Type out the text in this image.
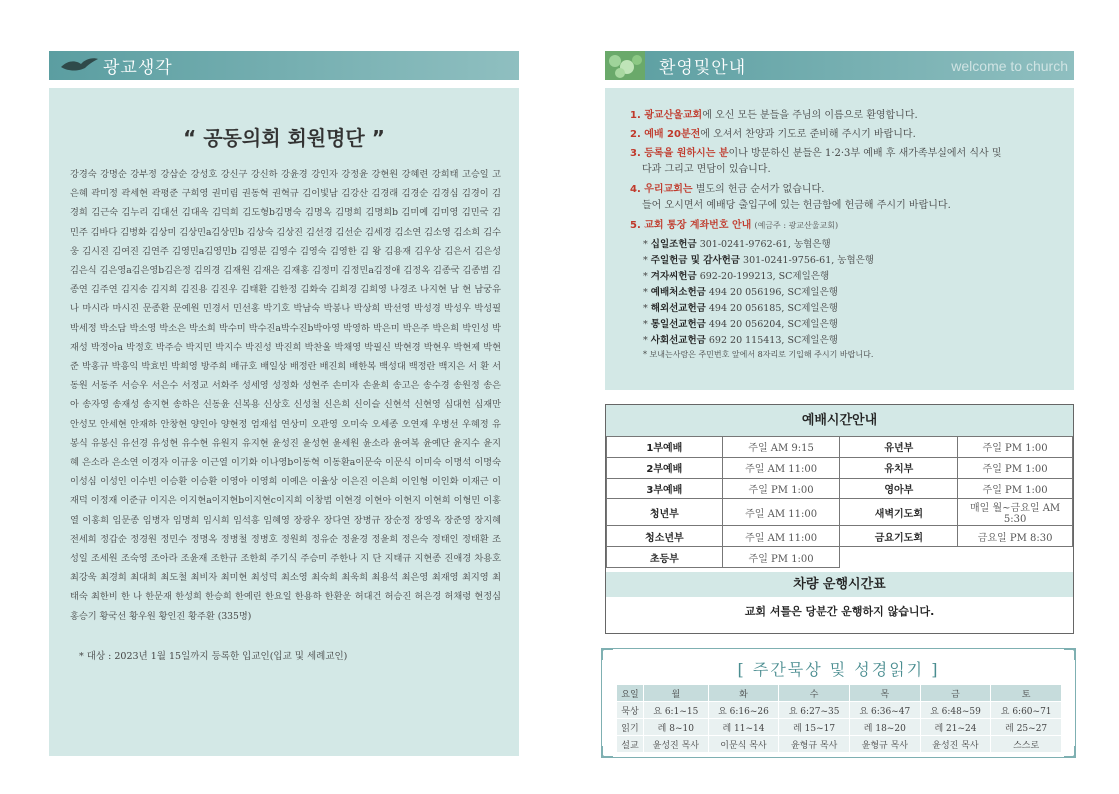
광교생각
“ 공동의회 회원명단 ”
강경숙 강명순 강부정 강삼순 강성호 강신구 강신하 강윤경 강인자 강정윤 강현원 강혜련 강희태 고승일 고은혜 곽미정 곽세현 곽평준 구희영 권미림 권동혁 권혁규 김이빛남 김강산 김경래 김경순 김경심 김경이 김경희 김근숙 김누리 김대선 김대욱 김덕희 김도형b김명숙 김명옥 김명희 김명희b 김미예 김미영 김민국 김민주 김바다 김병화 김상미 김상민a김상민b 김상숙 김상진 김선경 김선순 김세경 김소연 김소영 김소희 김수웅 김시진 김여진 김연주 김영민a김영민b 김영분 김영수 김영숙 김영한 김 왕 김용재 김우상 김은서 김은성 김은식 김은영a김은영b김은정 김의경 김재원 김재은 김재홍 김정미 김정민a김정애 김정옥 김종국 김종범 김종연 김주연 김지송 김지희 김진용 김진우 김태환 김한정 김화숙 김희경 김희영 나경조 나지현 남 현 남궁유나 마시라 마시진 문종환 문예원 민경서 민선홍 박기호 박남숙 박봉나 박상희 박선영 박성경 박성우 박성필 박세정 박소담 박소영 박소은 박소희 박수미 박수진a박수진b박아영 박영하 박은미 박은주 박은희 박인성 박재성 박정아a 박정호 박주승 박지민 박지수 박진성 박진희 박찬울 박채영 박필신 박현경 박현우 박현제 박현준 박홍규 박흥익 박효빈 박희영 방주희 배규호 배일상 배정란 배진희 배한복 백성대 백정란 백지은 서 환 서동원 서동주 서승우 서은수 서정교 서화주 성세영 성정화 성현주 손미자 손윤희 송고은 송수경 송원정 송은아 송자영 송재성 송지현 송하은 신동윤 신복용 신상호 신성철 신은희 신이슬 신현석 신현영 심대헌 심재만 안성모 안세현 안재하 안창현 양인아 양현정 엄재섭 연상미 오관영 오미숙 오세종 오연재 우병선 우혜정 유봉식 유봉신 유선경 유성현 유수현 유원지 유지현 윤성진 윤성현 윤세원 윤소라 윤여복 윤예단 윤지수 윤지혜 은소라 은소연 이경자 이규웅 이근열 이기화 이나영b이동혁 이동환a이문숙 이문식 이미숙 이명석 이명숙 이성심 이성인 이수빈 이승환 이승환 이영아 이영희 이예은 이율상 이은진 이은희 이인형 이인화 이재근 이재덕 이정재 이준규 이지은 이지현a이지현b이지현c이지희 이창범 이현경 이현아 이현지 이현희 이형민 이홍열 이홍희 임문종 임병자 임명희 임시희 임석흥 임혜영 장광우 장다연 장병규 장순정 장영옥 장준영 장지혜 전세희 정갑순 정경원 정민수 정명옥 정병철 정병호 정원희 정유순 정윤경 정윤희 정은숙 정태인 정태환 조성일 조세원 조숙영 조아라 조윤재 조한규 조한희 주기식 주승미 주한나 지 단 지태규 지현종 진애경 차용호 최강욱 최경희 최대희 최도철 최비자 최미현 최성덕 최소영 최숙희 최욱희 최용석 최은영 최재영 최지영 최태숙 최한비 한 나 한문재 한성희 한승희 한예린 한요일 한용하 한환운 허대건 허승진 허은경 허채령 현정심 홍승기 황국선 황우원 황인진 황주환 (335명)
* 대상 : 2023년 1월 15일까지 등록한 입교인(입교 및 세례교인)
환영및안내	welcome to church
1. 광교산울교회에 오신 모든 분들을 주님의 이름으로 환영합니다.
2. 예배 20분전에 오셔서 찬양과 기도로 준비해 주시기 바랍니다.
3. 등록을 원하시는 분이나 방문하신 분들은 1·2·3부 예배 후 새가족부실에서 식사 및
다과 그리고 면담이 있습니다.
4. 우리교회는 별도의 헌금 순서가 없습니다.
들어 오시면서 예배당 출입구에 있는 헌금함에 헌금해 주시기 바랍니다.
5. 교회 통장 계좌번호 안내 (예금주 : 광교산울교회)
* 십일조헌금 301-0241-9762-61, 농협은행
* 주일헌금 및 감사헌금 301-0241-9756-61, 농협은행
* 겨자씨헌금 692-20-199213, SC제일은행
* 예배처소헌금 494 20 056196, SC제일은행
* 해외선교헌금 494 20 056185, SC제일은행
* 통일선교헌금 494 20 056204, SC제일은행
* 사회선교헌금 692 20 115413, SC제일은행
* 보내는사람은 주민번호 앞에서 8자리로 기입해 주시기 바랍니다.
예배시간안내
1부예배	주일 AM 9:15	유년부	주일 PM 1:00
2부예배	주일 AM 11:00	유치부	주일 PM 1:00
3부예배	주일 PM 1:00	영아부	주일 PM 1:00
청년부	주일 AM 11:00	새벽기도회	매일 월~금요일 AM 5:30
청소년부	주일 AM 11:00	금요기도회	금요일 PM 8:30
초등부	주일 PM 1:00		
차량 운행시간표
교회 셔틀은 당분간 운행하지 않습니다.
[ 주간묵상 및 성경읽기 ]
요일	월	화	수	목	금	토
묵상	요 6:1~15	요 6:16~26	요 6:27~35	요 6:36~47	요 6:48~59	요 6:60~71
읽기	레 8~10	레 11~14	레 15~17	레 18~20	레 21~24	레 25~27
설교	윤성진 목사	이문식 목사	윤형규 목사	윤형규 목사	윤성진 목사	스스로
